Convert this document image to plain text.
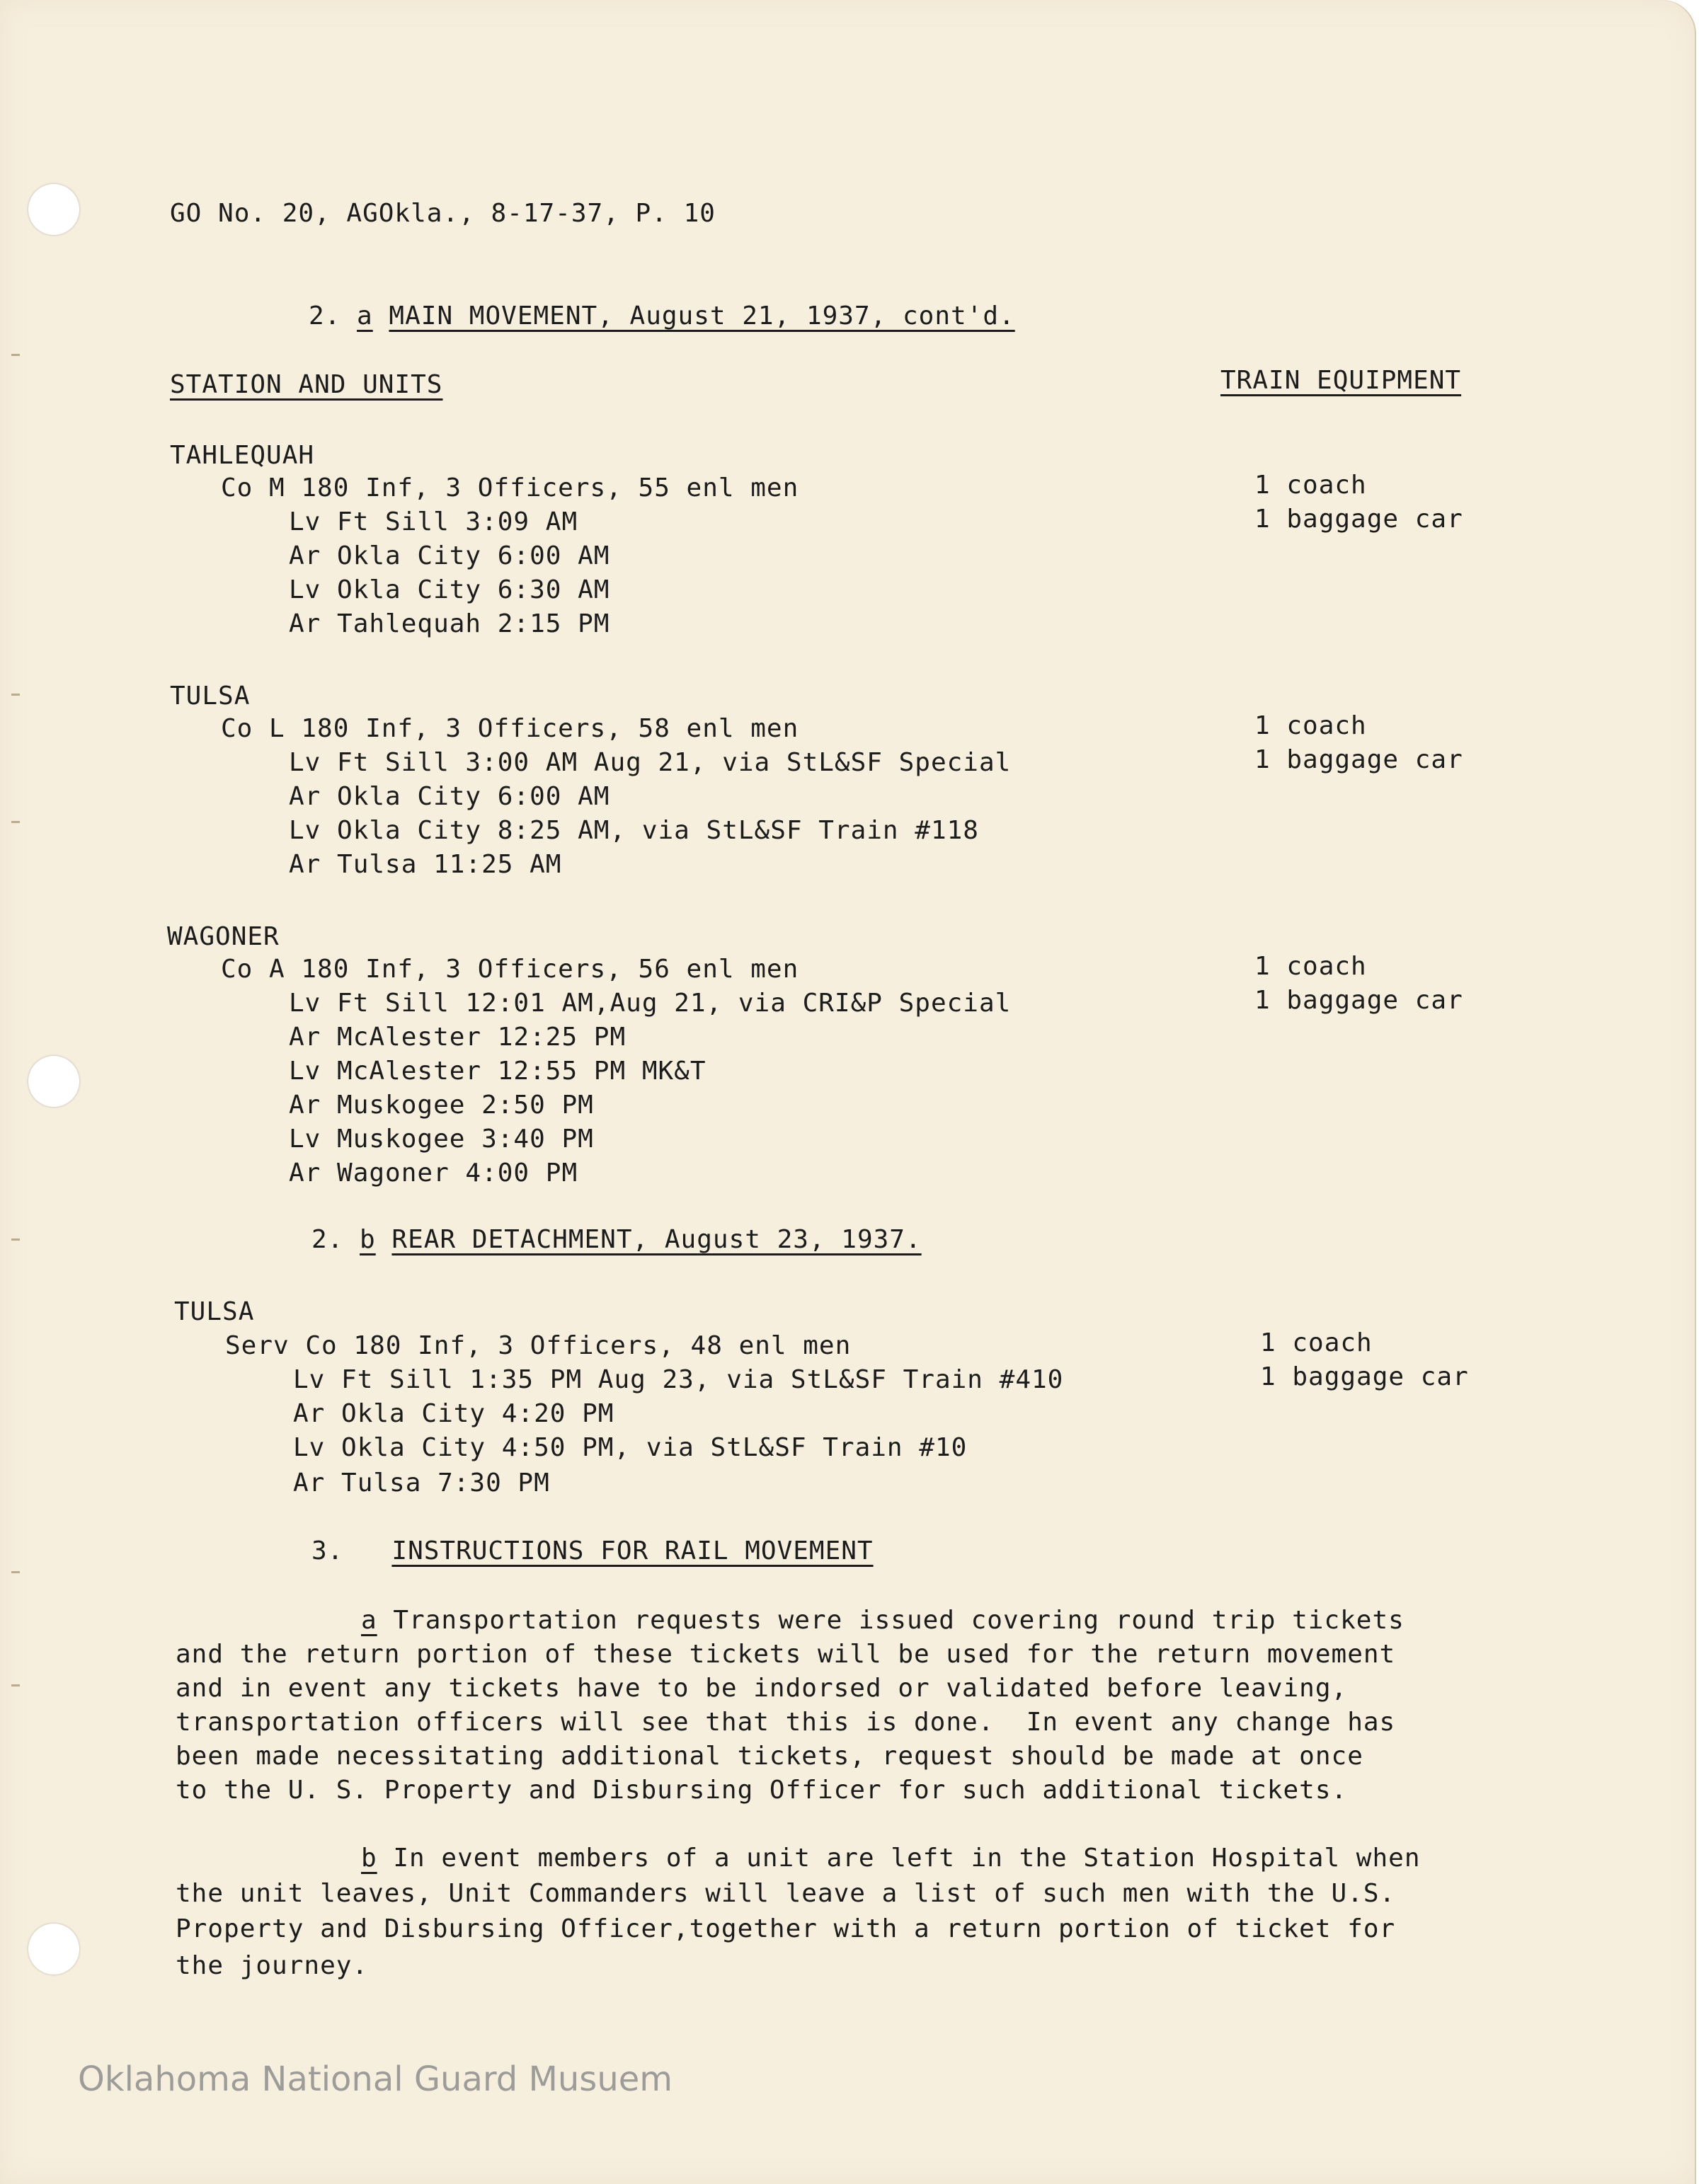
GO No. 20, AGOkla., 8-17-37, P. 10
2. a MAIN MOVEMENT, August 21, 1937, cont'd.
STATION AND UNITS	TRAIN EQUIPMENT
TAHLEQUAH
Co M 180 Inf, 3 Officers, 55 enl men
Lv Ft Sill 3:09 AM
Ar Okla City 6:00 AM
Lv Okla City 6:30 AM
Ar Tahlequah 2:15 PM
1 coach
1 baggage car
TULSA
Co L 180 Inf, 3 Officers, 58 enl men
Lv Ft Sill 3:00 AM Aug 21, via StL&SF Special
Ar Okla City 6:00 AM
Lv Okla City 8:25 AM, via StL&SF Train #118
Ar Tulsa 11:25 AM
1 coach
1 baggage car
WAGONER
Co A 180 Inf, 3 Officers, 56 enl men
Lv Ft Sill 12:01 AM,Aug 21, via CRI&P Special
Ar McAlester 12:25 PM
Lv McAlester 12:55 PM MK&T
Ar Muskogee 2:50 PM
Lv Muskogee 3:40 PM
Ar Wagoner 4:00 PM
1 coach
1 baggage car
2. b REAR DETACHMENT, August 23, 1937.
TULSA
Serv Co 180 Inf, 3 Officers, 48 enl men
Lv Ft Sill 1:35 PM Aug 23, via StL&SF Train #410
Ar Okla City 4:20 PM
Lv Okla City 4:50 PM, via StL&SF Train #10
Ar Tulsa 7:30 PM
1 coach
1 baggage car
3. INSTRUCTIONS FOR RAIL MOVEMENT
a Transportation requests were issued covering round trip tickets
and the return portion of these tickets will be used for the return movement
and in event any tickets have to be indorsed or validated before leaving,
transportation officers will see that this is done.  In event any change has
been made necessitating additional tickets, request should be made at once
to the U. S. Property and Disbursing Officer for such additional tickets.
b In event members of a unit are left in the Station Hospital when
the unit leaves, Unit Commanders will leave a list of such men with the U.S.
Property and Disbursing Officer,together with a return portion of ticket for
the journey.
Oklahoma National Guard Musuem
